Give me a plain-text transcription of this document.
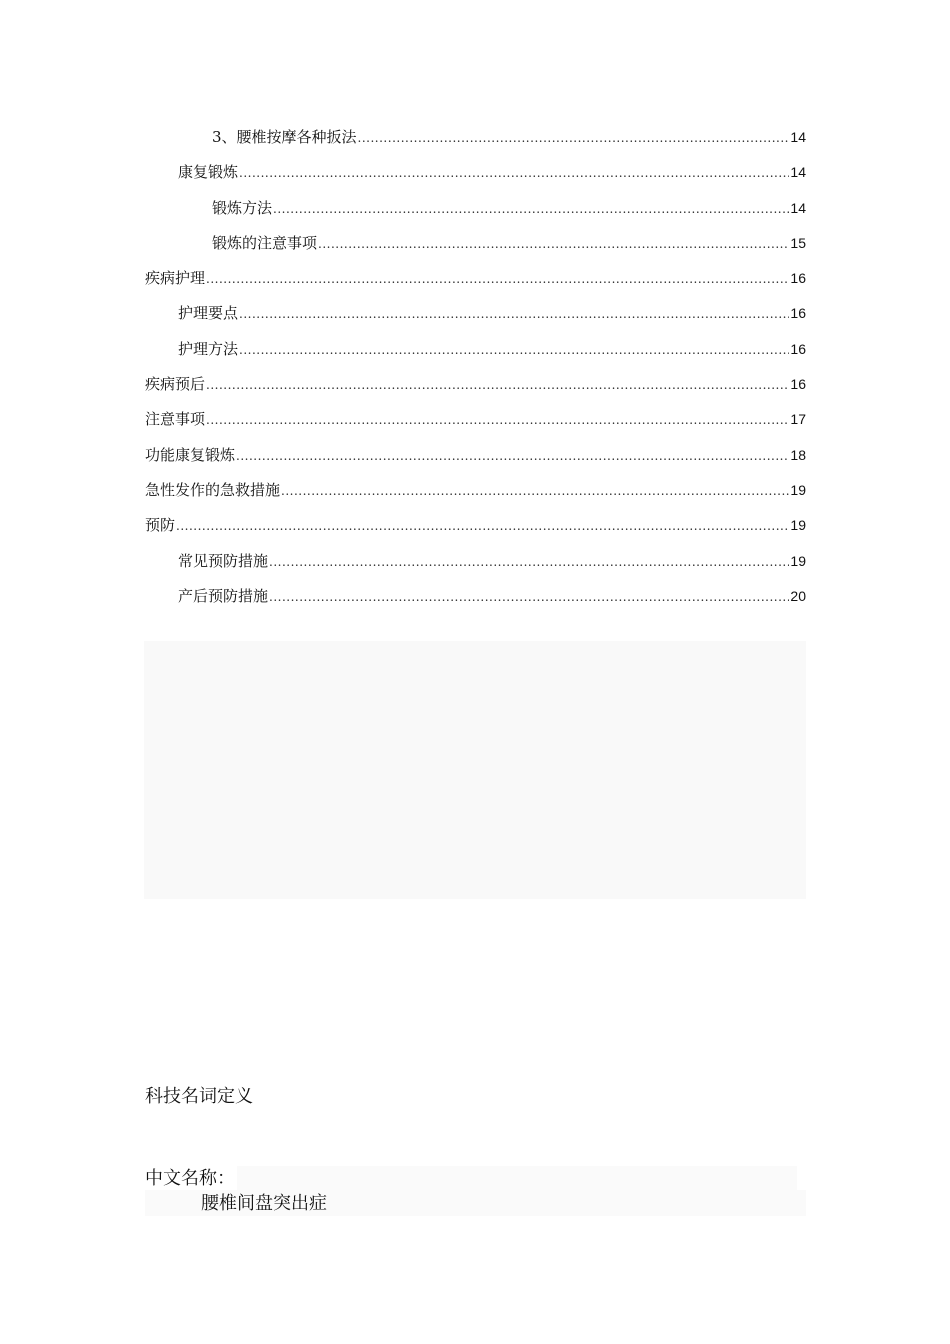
3、腰椎按摩各种扳法 .....	14
康复锻炼 .....	14
锻炼方法 .....	14
锻炼的注意事项 .....	15
疾病护理 .....	16
护理要点 .....	16
护理方法 .....	16
疾病预后 .....	16
注意事项 .....	17
功能康复锻炼 .....	18
急性发作的急救措施 .....	19
预防 .....	19
常见预防措施 .....	19
产后预防措施 .....	20
科技名词定义
中文名称：
腰椎间盘突出症
